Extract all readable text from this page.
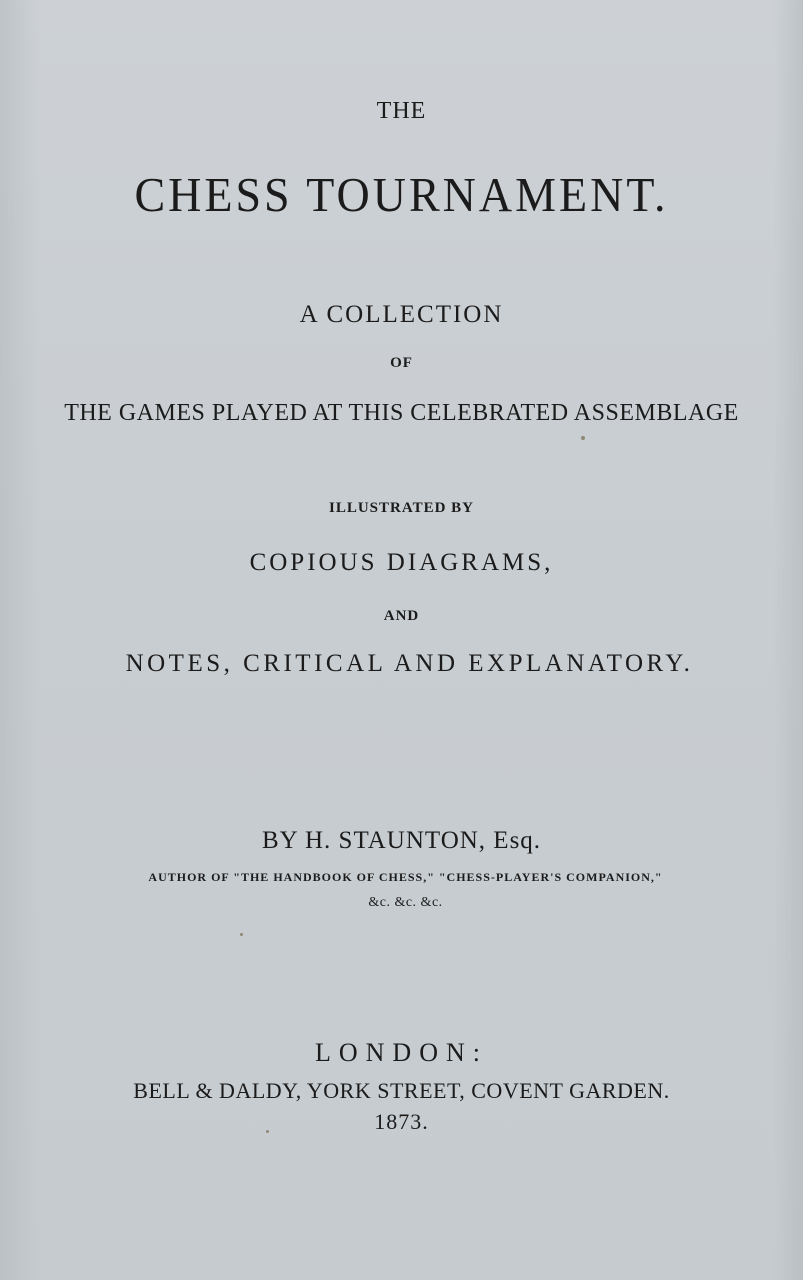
THE
CHESS TOURNAMENT.
A COLLECTION
OF
THE GAMES PLAYED AT THIS CELEBRATED ASSEMBLAGE
ILLUSTRATED BY
COPIOUS DIAGRAMS,
AND
NOTES, CRITICAL AND EXPLANATORY.
BY H. STAUNTON, Esq.
AUTHOR OF "THE HANDBOOK OF CHESS," "CHESS-PLAYER'S COMPANION,"
&c. &c. &c.
LONDON:
BELL & DALDY, YORK STREET, COVENT GARDEN.
1873.
